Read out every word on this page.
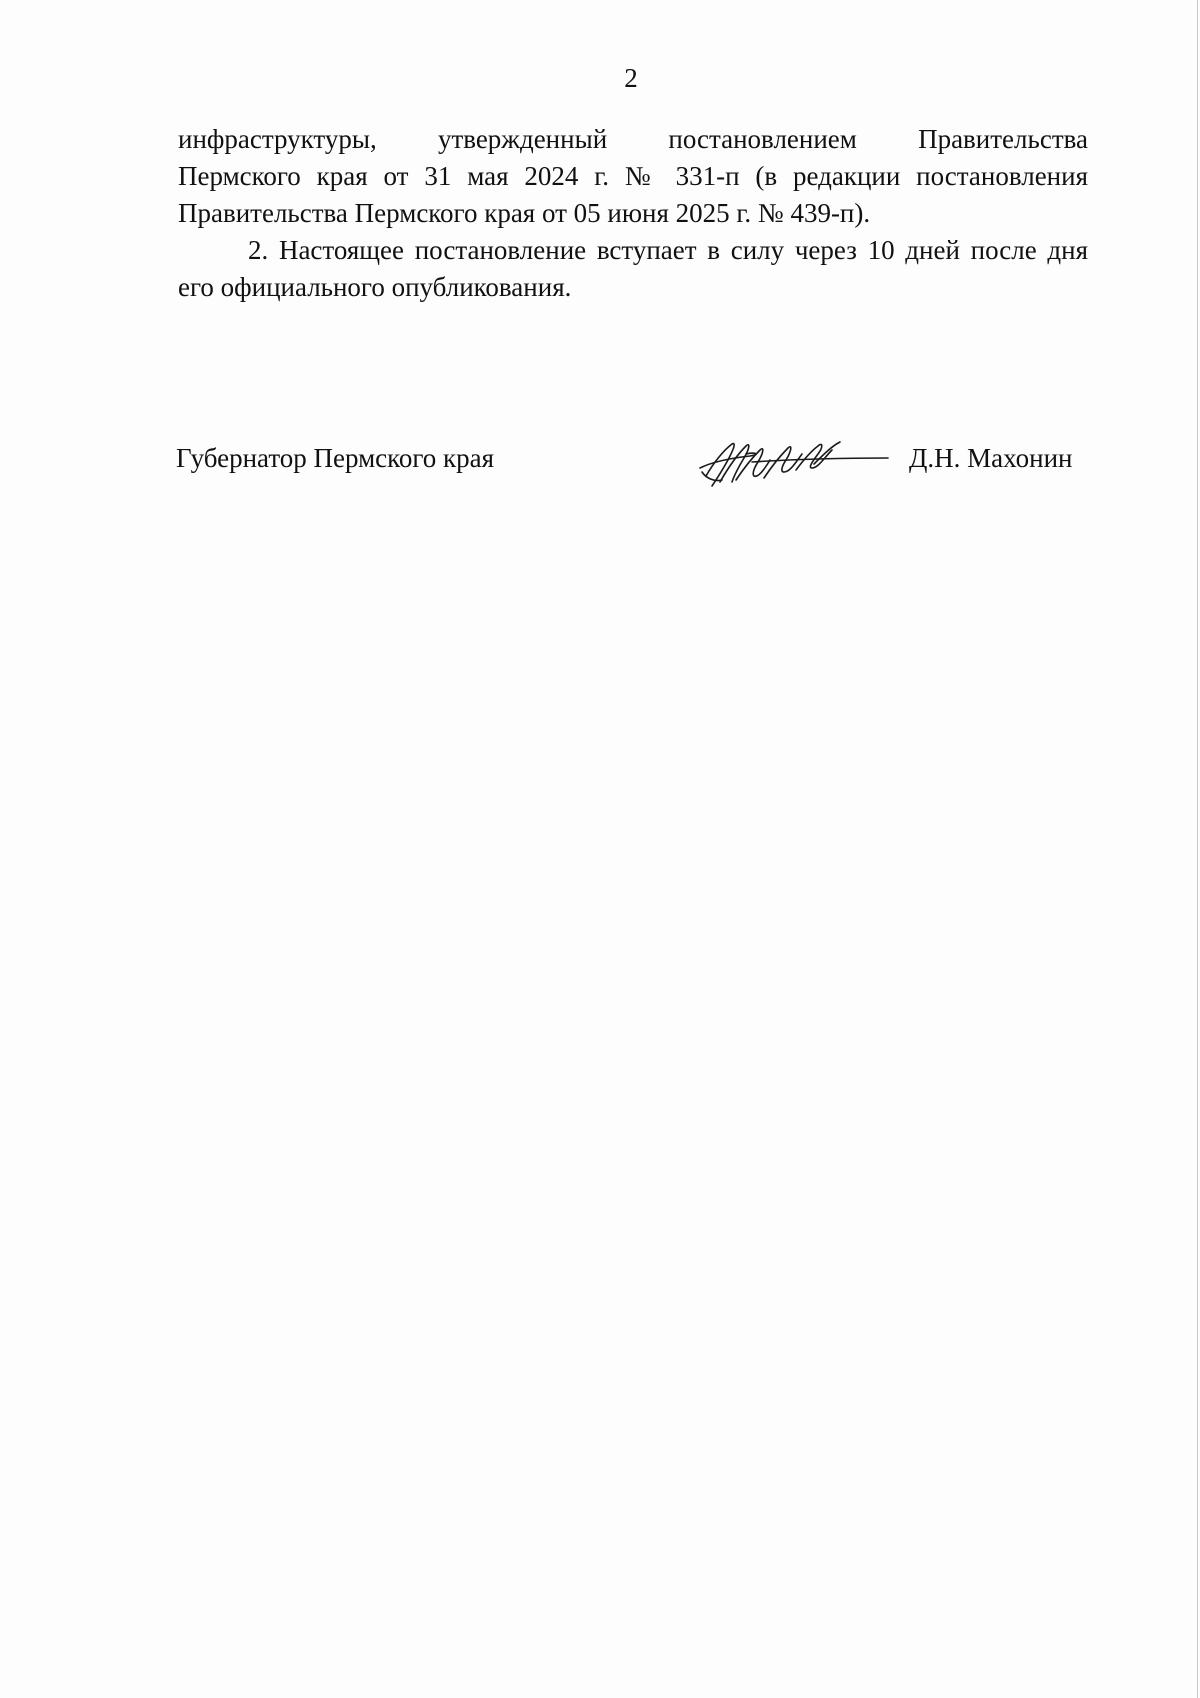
2

инфраструктуры, утвержденный постановлением Правительства
Пермского края от 31 мая 2024 г. № 331-п (в редакции постановления
Правительства Пермского края от 05 июня 2025 г. № 439-п).

2. Настоящее постановление вступает в силу через 10 дней после дня
его официального опубликования.

Губернатор Пермского края	Д.Н. Махонин
